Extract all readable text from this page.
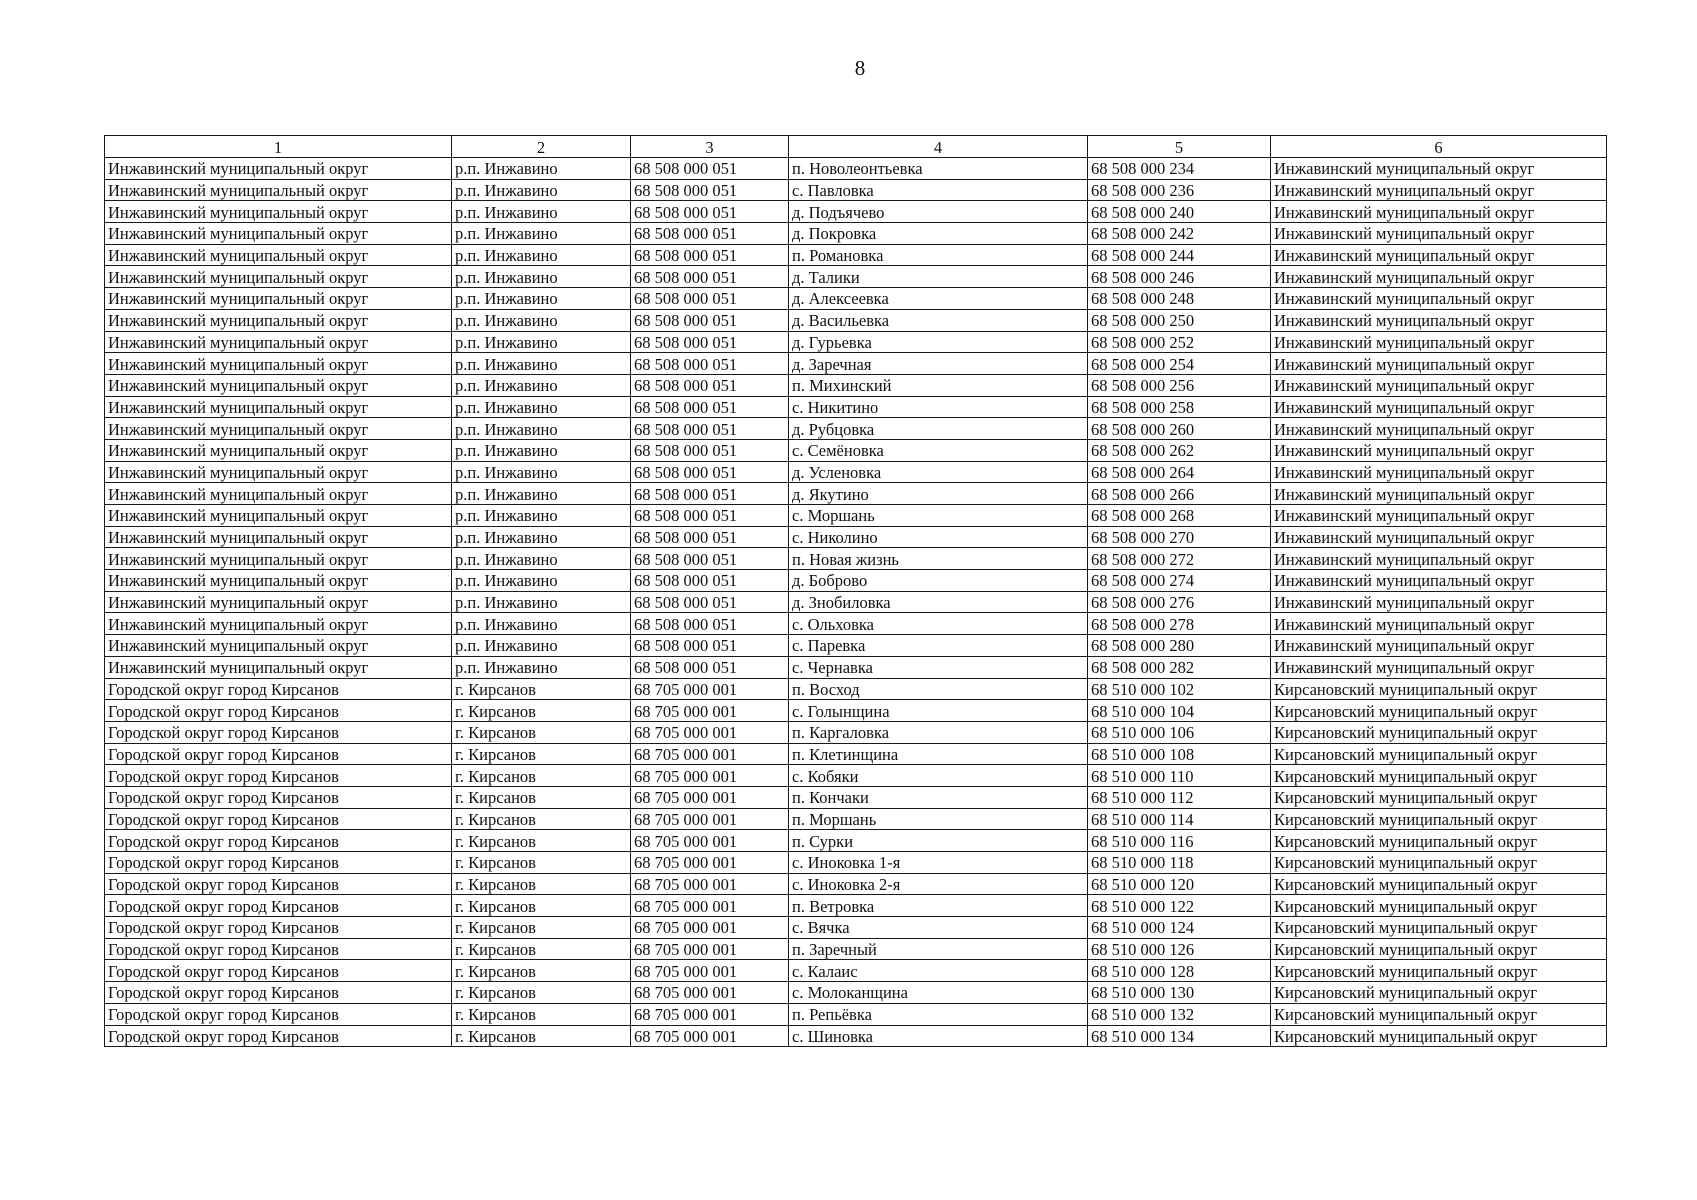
8
1	2	3	4	5	6
Инжавинский муниципальный округ	р.п. Инжавино	68 508 000 051	п. Новолеонтьевка	68 508 000 234	Инжавинский муниципальный округ
Инжавинский муниципальный округ	р.п. Инжавино	68 508 000 051	с. Павловка	68 508 000 236	Инжавинский муниципальный округ
Инжавинский муниципальный округ	р.п. Инжавино	68 508 000 051	д. Подъячево	68 508 000 240	Инжавинский муниципальный округ
Инжавинский муниципальный округ	р.п. Инжавино	68 508 000 051	д. Покровка	68 508 000 242	Инжавинский муниципальный округ
Инжавинский муниципальный округ	р.п. Инжавино	68 508 000 051	п. Романовка	68 508 000 244	Инжавинский муниципальный округ
Инжавинский муниципальный округ	р.п. Инжавино	68 508 000 051	д. Талики	68 508 000 246	Инжавинский муниципальный округ
Инжавинский муниципальный округ	р.п. Инжавино	68 508 000 051	д. Алексеевка	68 508 000 248	Инжавинский муниципальный округ
Инжавинский муниципальный округ	р.п. Инжавино	68 508 000 051	д. Васильевка	68 508 000 250	Инжавинский муниципальный округ
Инжавинский муниципальный округ	р.п. Инжавино	68 508 000 051	д. Гурьевка	68 508 000 252	Инжавинский муниципальный округ
Инжавинский муниципальный округ	р.п. Инжавино	68 508 000 051	д. Заречная	68 508 000 254	Инжавинский муниципальный округ
Инжавинский муниципальный округ	р.п. Инжавино	68 508 000 051	п. Михинский	68 508 000 256	Инжавинский муниципальный округ
Инжавинский муниципальный округ	р.п. Инжавино	68 508 000 051	с. Никитино	68 508 000 258	Инжавинский муниципальный округ
Инжавинский муниципальный округ	р.п. Инжавино	68 508 000 051	д. Рубцовка	68 508 000 260	Инжавинский муниципальный округ
Инжавинский муниципальный округ	р.п. Инжавино	68 508 000 051	с. Семёновка	68 508 000 262	Инжавинский муниципальный округ
Инжавинский муниципальный округ	р.п. Инжавино	68 508 000 051	д. Усленовка	68 508 000 264	Инжавинский муниципальный округ
Инжавинский муниципальный округ	р.п. Инжавино	68 508 000 051	д. Якутино	68 508 000 266	Инжавинский муниципальный округ
Инжавинский муниципальный округ	р.п. Инжавино	68 508 000 051	с. Моршань	68 508 000 268	Инжавинский муниципальный округ
Инжавинский муниципальный округ	р.п. Инжавино	68 508 000 051	с. Николино	68 508 000 270	Инжавинский муниципальный округ
Инжавинский муниципальный округ	р.п. Инжавино	68 508 000 051	п. Новая жизнь	68 508 000 272	Инжавинский муниципальный округ
Инжавинский муниципальный округ	р.п. Инжавино	68 508 000 051	д. Боброво	68 508 000 274	Инжавинский муниципальный округ
Инжавинский муниципальный округ	р.п. Инжавино	68 508 000 051	д. Знобиловка	68 508 000 276	Инжавинский муниципальный округ
Инжавинский муниципальный округ	р.п. Инжавино	68 508 000 051	с. Ольховка	68 508 000 278	Инжавинский муниципальный округ
Инжавинский муниципальный округ	р.п. Инжавино	68 508 000 051	с. Паревка	68 508 000 280	Инжавинский муниципальный округ
Инжавинский муниципальный округ	р.п. Инжавино	68 508 000 051	с. Чернавка	68 508 000 282	Инжавинский муниципальный округ
Городской округ город Кирсанов	г. Кирсанов	68 705 000 001	п. Восход	68 510 000 102	Кирсановский муниципальный округ
Городской округ город Кирсанов	г. Кирсанов	68 705 000 001	с. Голынщина	68 510 000 104	Кирсановский муниципальный округ
Городской округ город Кирсанов	г. Кирсанов	68 705 000 001	п. Каргаловка	68 510 000 106	Кирсановский муниципальный округ
Городской округ город Кирсанов	г. Кирсанов	68 705 000 001	п. Клетинщина	68 510 000 108	Кирсановский муниципальный округ
Городской округ город Кирсанов	г. Кирсанов	68 705 000 001	с. Кобяки	68 510 000 110	Кирсановский муниципальный округ
Городской округ город Кирсанов	г. Кирсанов	68 705 000 001	п. Кончаки	68 510 000 112	Кирсановский муниципальный округ
Городской округ город Кирсанов	г. Кирсанов	68 705 000 001	п. Моршань	68 510 000 114	Кирсановский муниципальный округ
Городской округ город Кирсанов	г. Кирсанов	68 705 000 001	п. Сурки	68 510 000 116	Кирсановский муниципальный округ
Городской округ город Кирсанов	г. Кирсанов	68 705 000 001	с. Иноковка 1-я	68 510 000 118	Кирсановский муниципальный округ
Городской округ город Кирсанов	г. Кирсанов	68 705 000 001	с. Иноковка 2-я	68 510 000 120	Кирсановский муниципальный округ
Городской округ город Кирсанов	г. Кирсанов	68 705 000 001	п. Ветровка	68 510 000 122	Кирсановский муниципальный округ
Городской округ город Кирсанов	г. Кирсанов	68 705 000 001	с. Вячка	68 510 000 124	Кирсановский муниципальный округ
Городской округ город Кирсанов	г. Кирсанов	68 705 000 001	п. Заречный	68 510 000 126	Кирсановский муниципальный округ
Городской округ город Кирсанов	г. Кирсанов	68 705 000 001	с. Калаис	68 510 000 128	Кирсановский муниципальный округ
Городской округ город Кирсанов	г. Кирсанов	68 705 000 001	с. Молоканщина	68 510 000 130	Кирсановский муниципальный округ
Городской округ город Кирсанов	г. Кирсанов	68 705 000 001	п. Репьёвка	68 510 000 132	Кирсановский муниципальный округ
Городской округ город Кирсанов	г. Кирсанов	68 705 000 001	с. Шиновка	68 510 000 134	Кирсановский муниципальный округ
